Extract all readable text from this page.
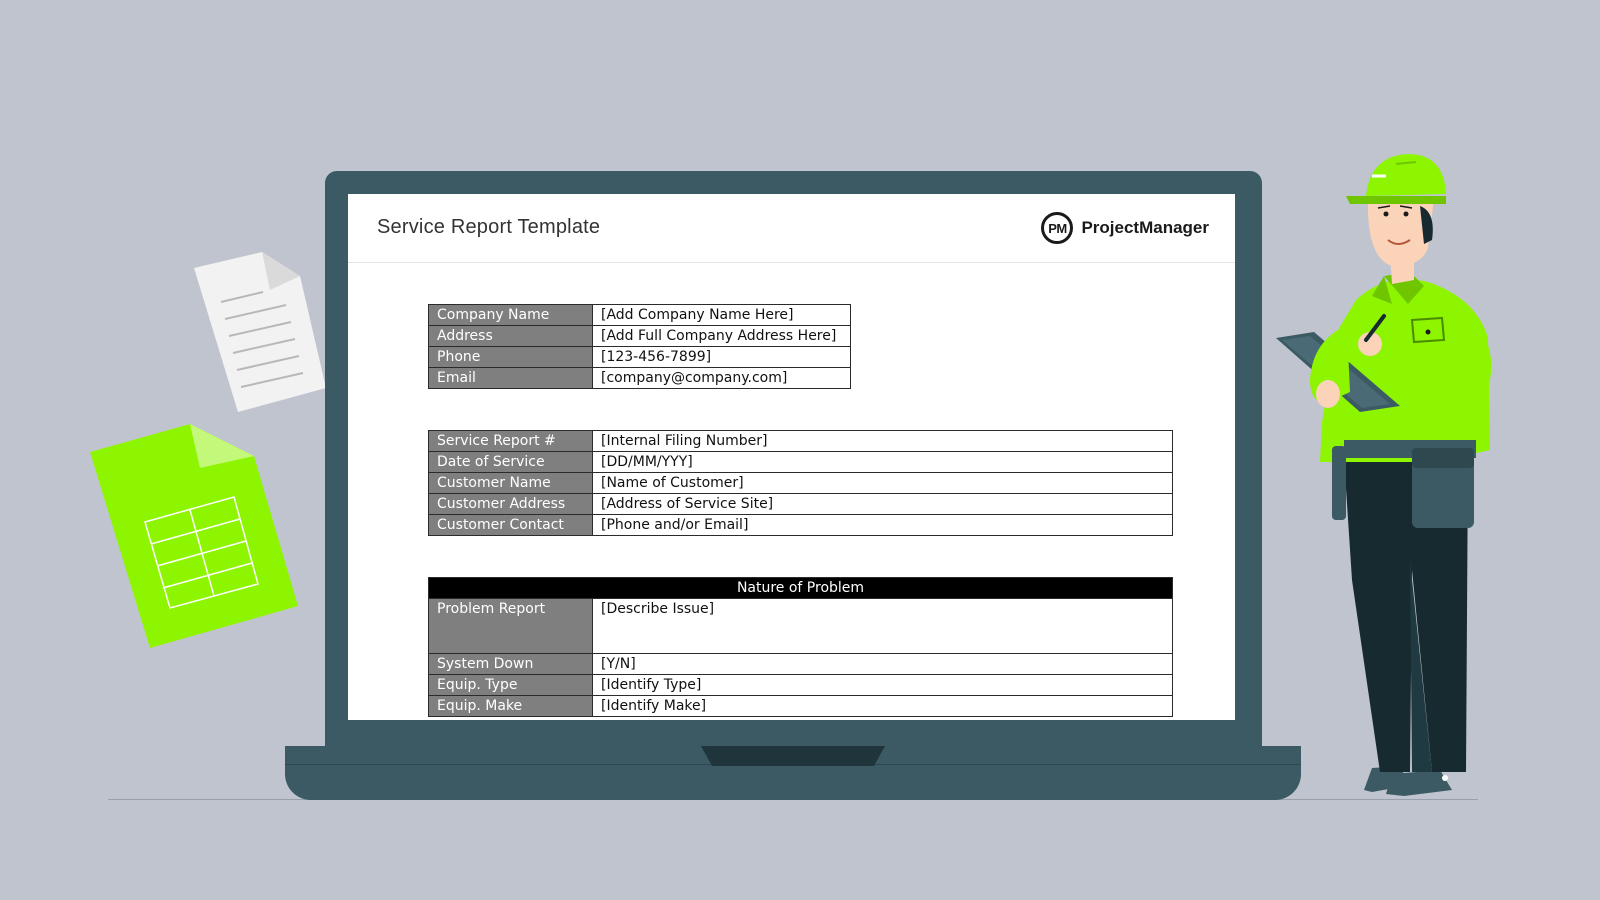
Service Report Template	PM ProjectManager
Company Name	[Add Company Name Here]
Address	[Add Full Company Address Here]
Phone	[123-456-7899]
Email	[company@company.com]
Service Report #	[Internal Filing Number]
Date of Service	[DD/MM/YYY]
Customer Name	[Name of Customer]
Customer Address	[Address of Service Site]
Customer Contact	[Phone and/or Email]
Nature of Problem	
Problem Report	[Describe Issue]
System Down	[Y/N]
Equip. Type	[Identify Type]
Equip. Make	[Identify Make]
